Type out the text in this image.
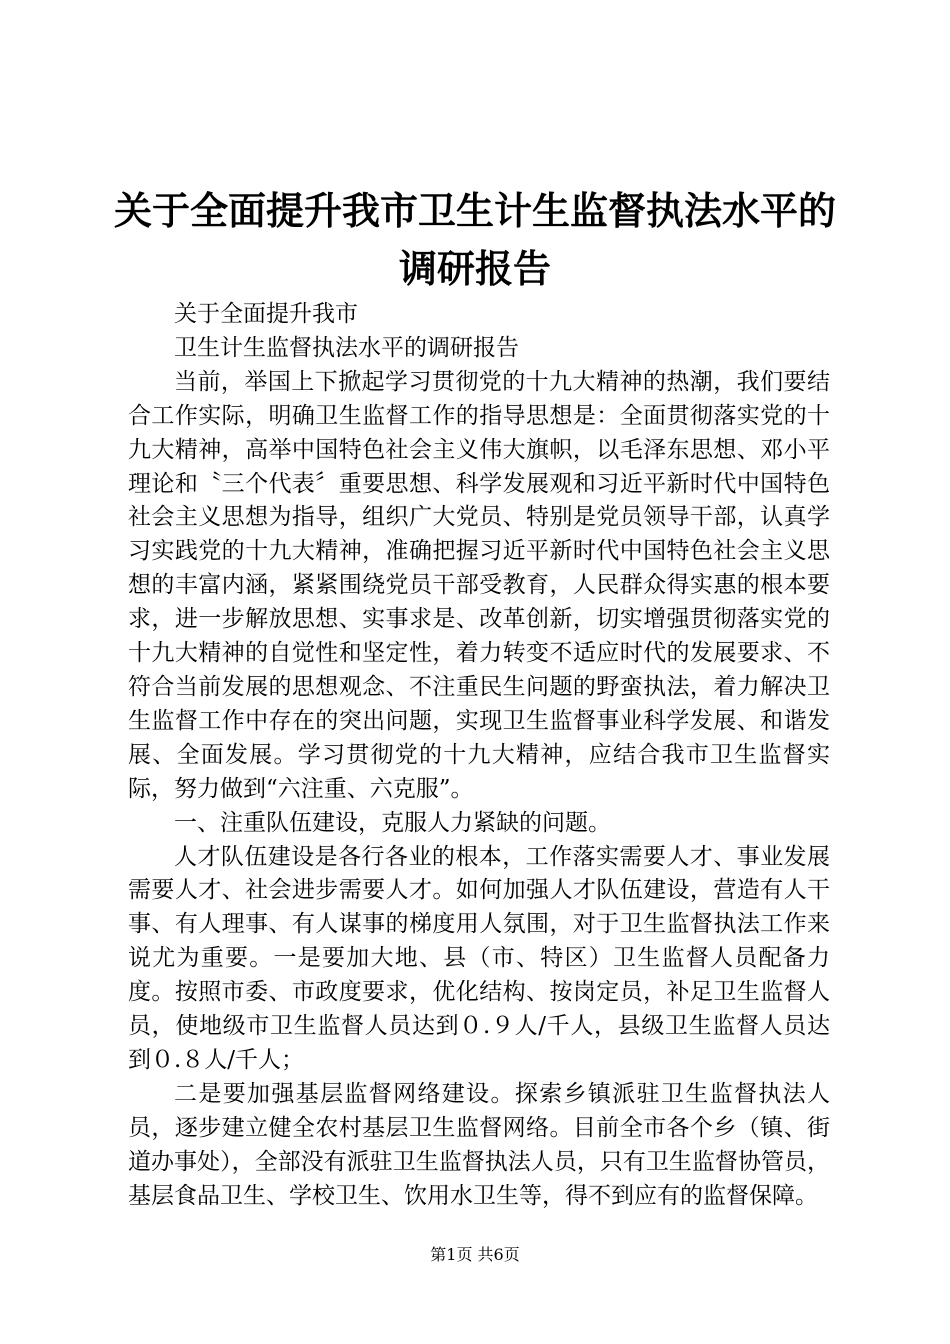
关于全面提升我市卫生计生监督执法水平的调研报告

关于全面提升我市

卫生计生监督执法水平的调研报告

当前，举国上下掀起学习贯彻党的十九大精神的热潮，我们要结合工作实际，明确卫生监督工作的指导思想是：全面贯彻落实党的十九大精神，高举中国特色社会主义伟大旗帜，以毛泽东思想、邓小平理论和〝三个代表〞重要思想、科学发展观和习近平新时代中国特色社会主义思想为指导，组织广大党员、特别是党员领导干部，认真学习实践党的十九大精神，准确把握习近平新时代中国特色社会主义思想的丰富内涵，紧紧围绕党员干部受教育，人民群众得实惠的根本要求，进一步解放思想、实事求是、改革创新，切实增强贯彻落实党的十九大精神的自觉性和坚定性，着力转变不适应时代的发展要求、不符合当前发展的思想观念、不注重民生问题的野蛮执法，着力解决卫生监督工作中存在的突出问题，实现卫生监督事业科学发展、和谐发展、全面发展。学习贯彻党的十九大精神，应结合我市卫生监督实际，努力做到“六注重、六克服”。

一、注重队伍建设，克服人力紧缺的问题。

人才队伍建设是各行各业的根本，工作落实需要人才、事业发展需要人才、社会进步需要人才。如何加强人才队伍建设，营造有人干事、有人理事、有人谋事的梯度用人氛围，对于卫生监督执法工作来说尤为重要。一是要加大地、县（市、特区）卫生监督人员配备力度。按照市委、市政度要求，优化结构、按岗定员，补足卫生监督人员，使地级市卫生监督人员达到０.９人/千人，县级卫生监督人员达到０.８人/千人；

二是要加强基层监督网络建设。探索乡镇派驻卫生监督执法人员，逐步建立健全农村基层卫生监督网络。目前全市各个乡（镇、街道办事处），全部没有派驻卫生监督执法人员，只有卫生监督协管员，基层食品卫生、学校卫生、饮用水卫生等，得不到应有的监督保障。

第1页 共6页
